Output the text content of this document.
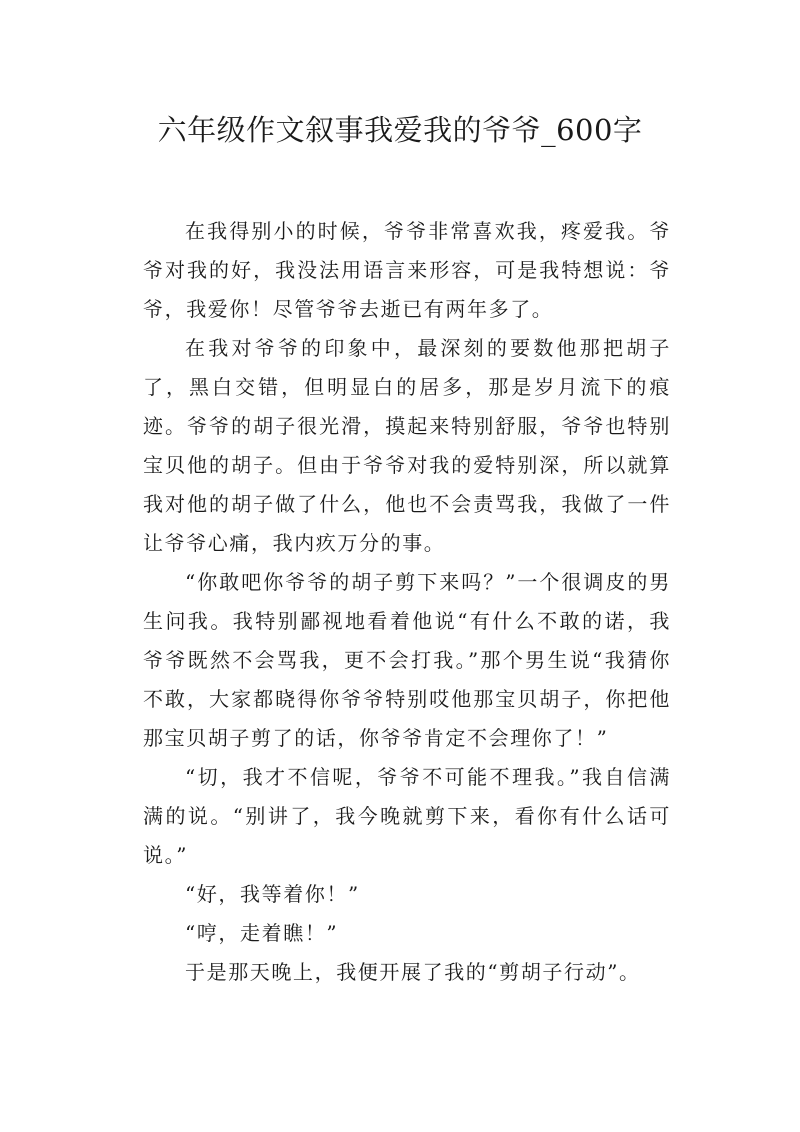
六年级作文叙事我爱我的爷爷_600字

在我得别小的时候，爷爷非常喜欢我，疼爱我。爷爷对我的好，我没法用语言来形容，可是我特想说：爷爷，我爱你！尽管爷爷去逝已有两年多了。

在我对爷爷的印象中，最深刻的要数他那把胡子了，黑白交错，但明显白的居多，那是岁月流下的痕迹。爷爷的胡子很光滑，摸起来特别舒服，爷爷也特别宝贝他的胡子。但由于爷爷对我的爱特别深，所以就算我对他的胡子做了什么，他也不会责骂我，我做了一件让爷爷心痛，我内疚万分的事。

“你敢吧你爷爷的胡子剪下来吗？”一个很调皮的男生问我。我特别鄙视地看着他说“有什么不敢的诺，我爷爷既然不会骂我，更不会打我。”那个男生说“我猜你不敢，大家都晓得你爷爷特别哎他那宝贝胡子，你把他那宝贝胡子剪了的话，你爷爷肯定不会理你了！”

“切，我才不信呢，爷爷不可能不理我。”我自信满满的说。“别讲了，我今晚就剪下来，看你有什么话可说。”

“好，我等着你！”

“哼，走着瞧！”

于是那天晚上，我便开展了我的“剪胡子行动”。
